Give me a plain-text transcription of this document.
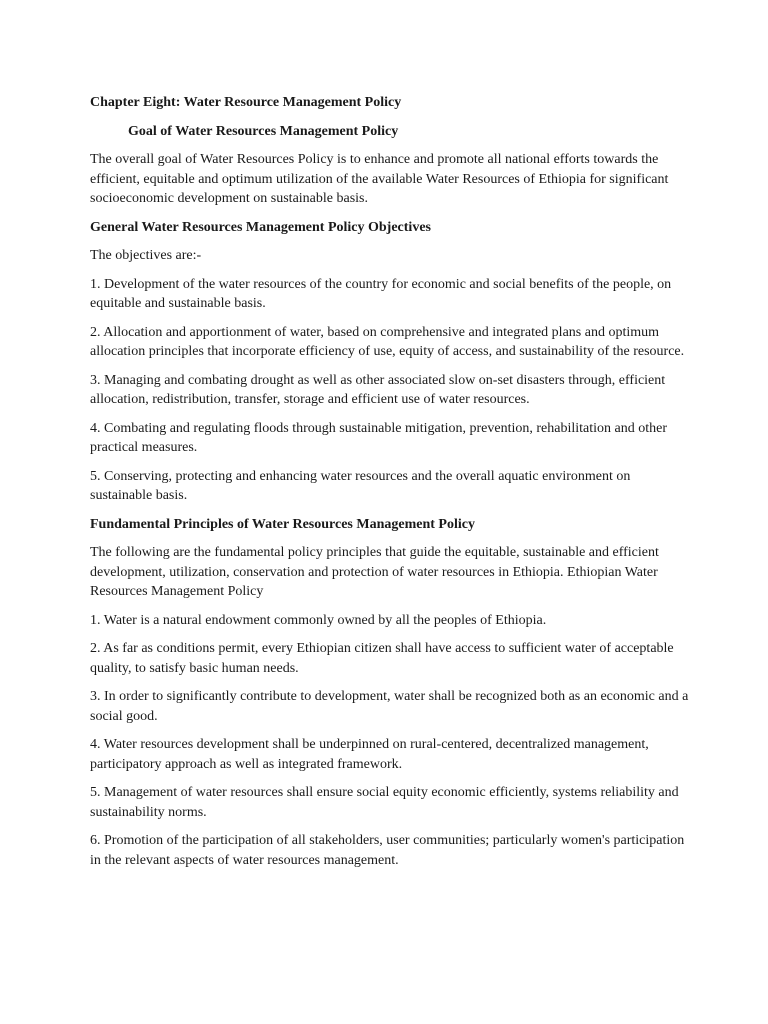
Chapter Eight: Water Resource Management Policy
Goal of Water Resources Management Policy

The overall goal of Water Resources Policy is to enhance and promote all national efforts towards the efficient, equitable and optimum utilization of the available Water Resources of Ethiopia for significant socioeconomic development on sustainable basis.

General Water Resources Management Policy Objectives

The objectives are:-

1. Development of the water resources of the country for economic and social benefits of the people, on equitable and sustainable basis.

2. Allocation and apportionment of water, based on comprehensive and integrated plans and optimum allocation principles that incorporate efficiency of use, equity of access, and sustainability of the resource.

3. Managing and combating drought as well as other associated slow on-set disasters through, efficient allocation, redistribution, transfer, storage and efficient use of water resources.

4. Combating and regulating floods through sustainable mitigation, prevention, rehabilitation and other practical measures.

5. Conserving, protecting and enhancing water resources and the overall aquatic environment on sustainable basis.

Fundamental Principles of Water Resources Management Policy

The following are the fundamental policy principles that guide the equitable, sustainable and efficient development, utilization, conservation and protection of water resources in Ethiopia. Ethiopian Water Resources Management Policy

1. Water is a natural endowment commonly owned by all the peoples of Ethiopia.

2. As far as conditions permit, every Ethiopian citizen shall have access to sufficient water of acceptable quality, to satisfy basic human needs.

3. In order to significantly contribute to development, water shall be recognized both as an economic and a social good.

4. Water resources development shall be underpinned on rural-centered, decentralized management, participatory approach as well as integrated framework.

5. Management of water resources shall ensure social equity economic efficiently, systems reliability and sustainability norms.

6. Promotion of the participation of all stakeholders, user communities; particularly women's participation in the relevant aspects of water resources management.
